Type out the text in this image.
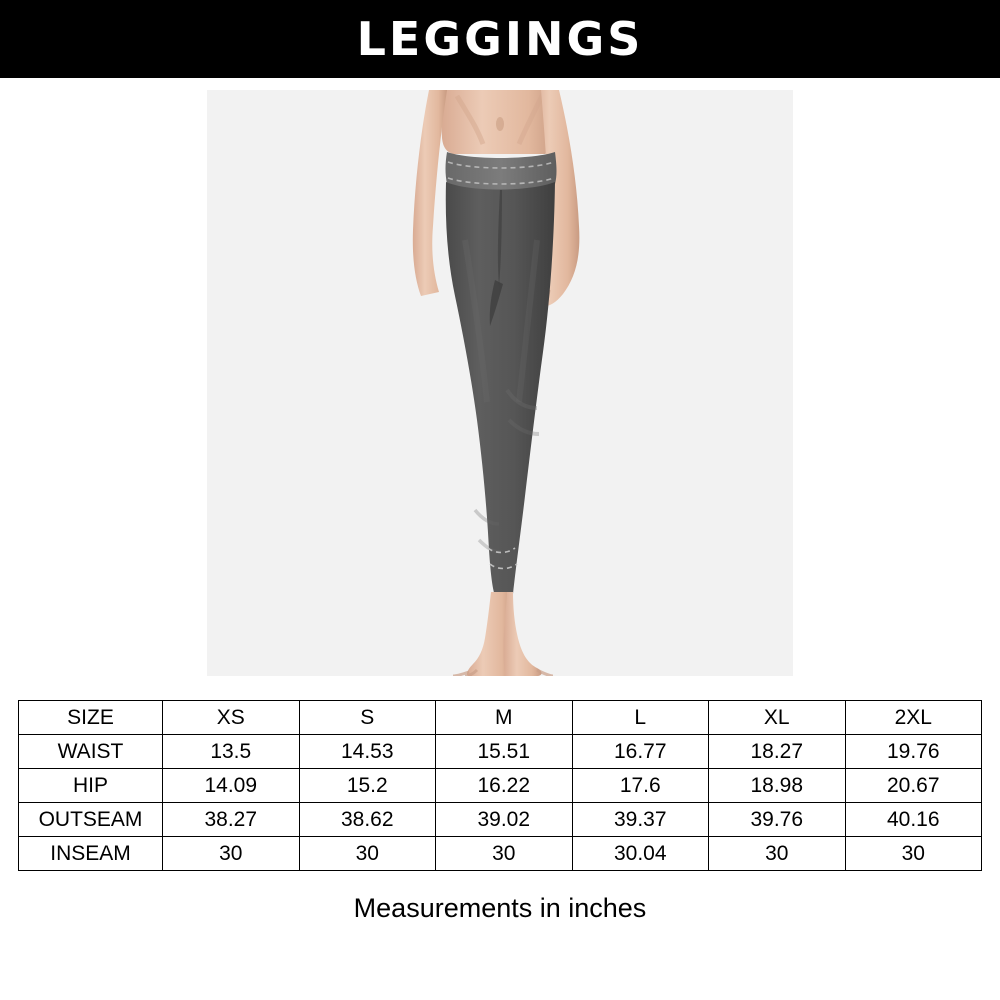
LEGGINGS
SIZE	XS	S	M	L	XL	2XL
WAIST	13.5	14.53	15.51	16.77	18.27	19.76
HIP	14.09	15.2	16.22	17.6	18.98	20.67
OUTSEAM	38.27	38.62	39.02	39.37	39.76	40.16
INSEAM	30	30	30	30.04	30	30
Measurements in inches
